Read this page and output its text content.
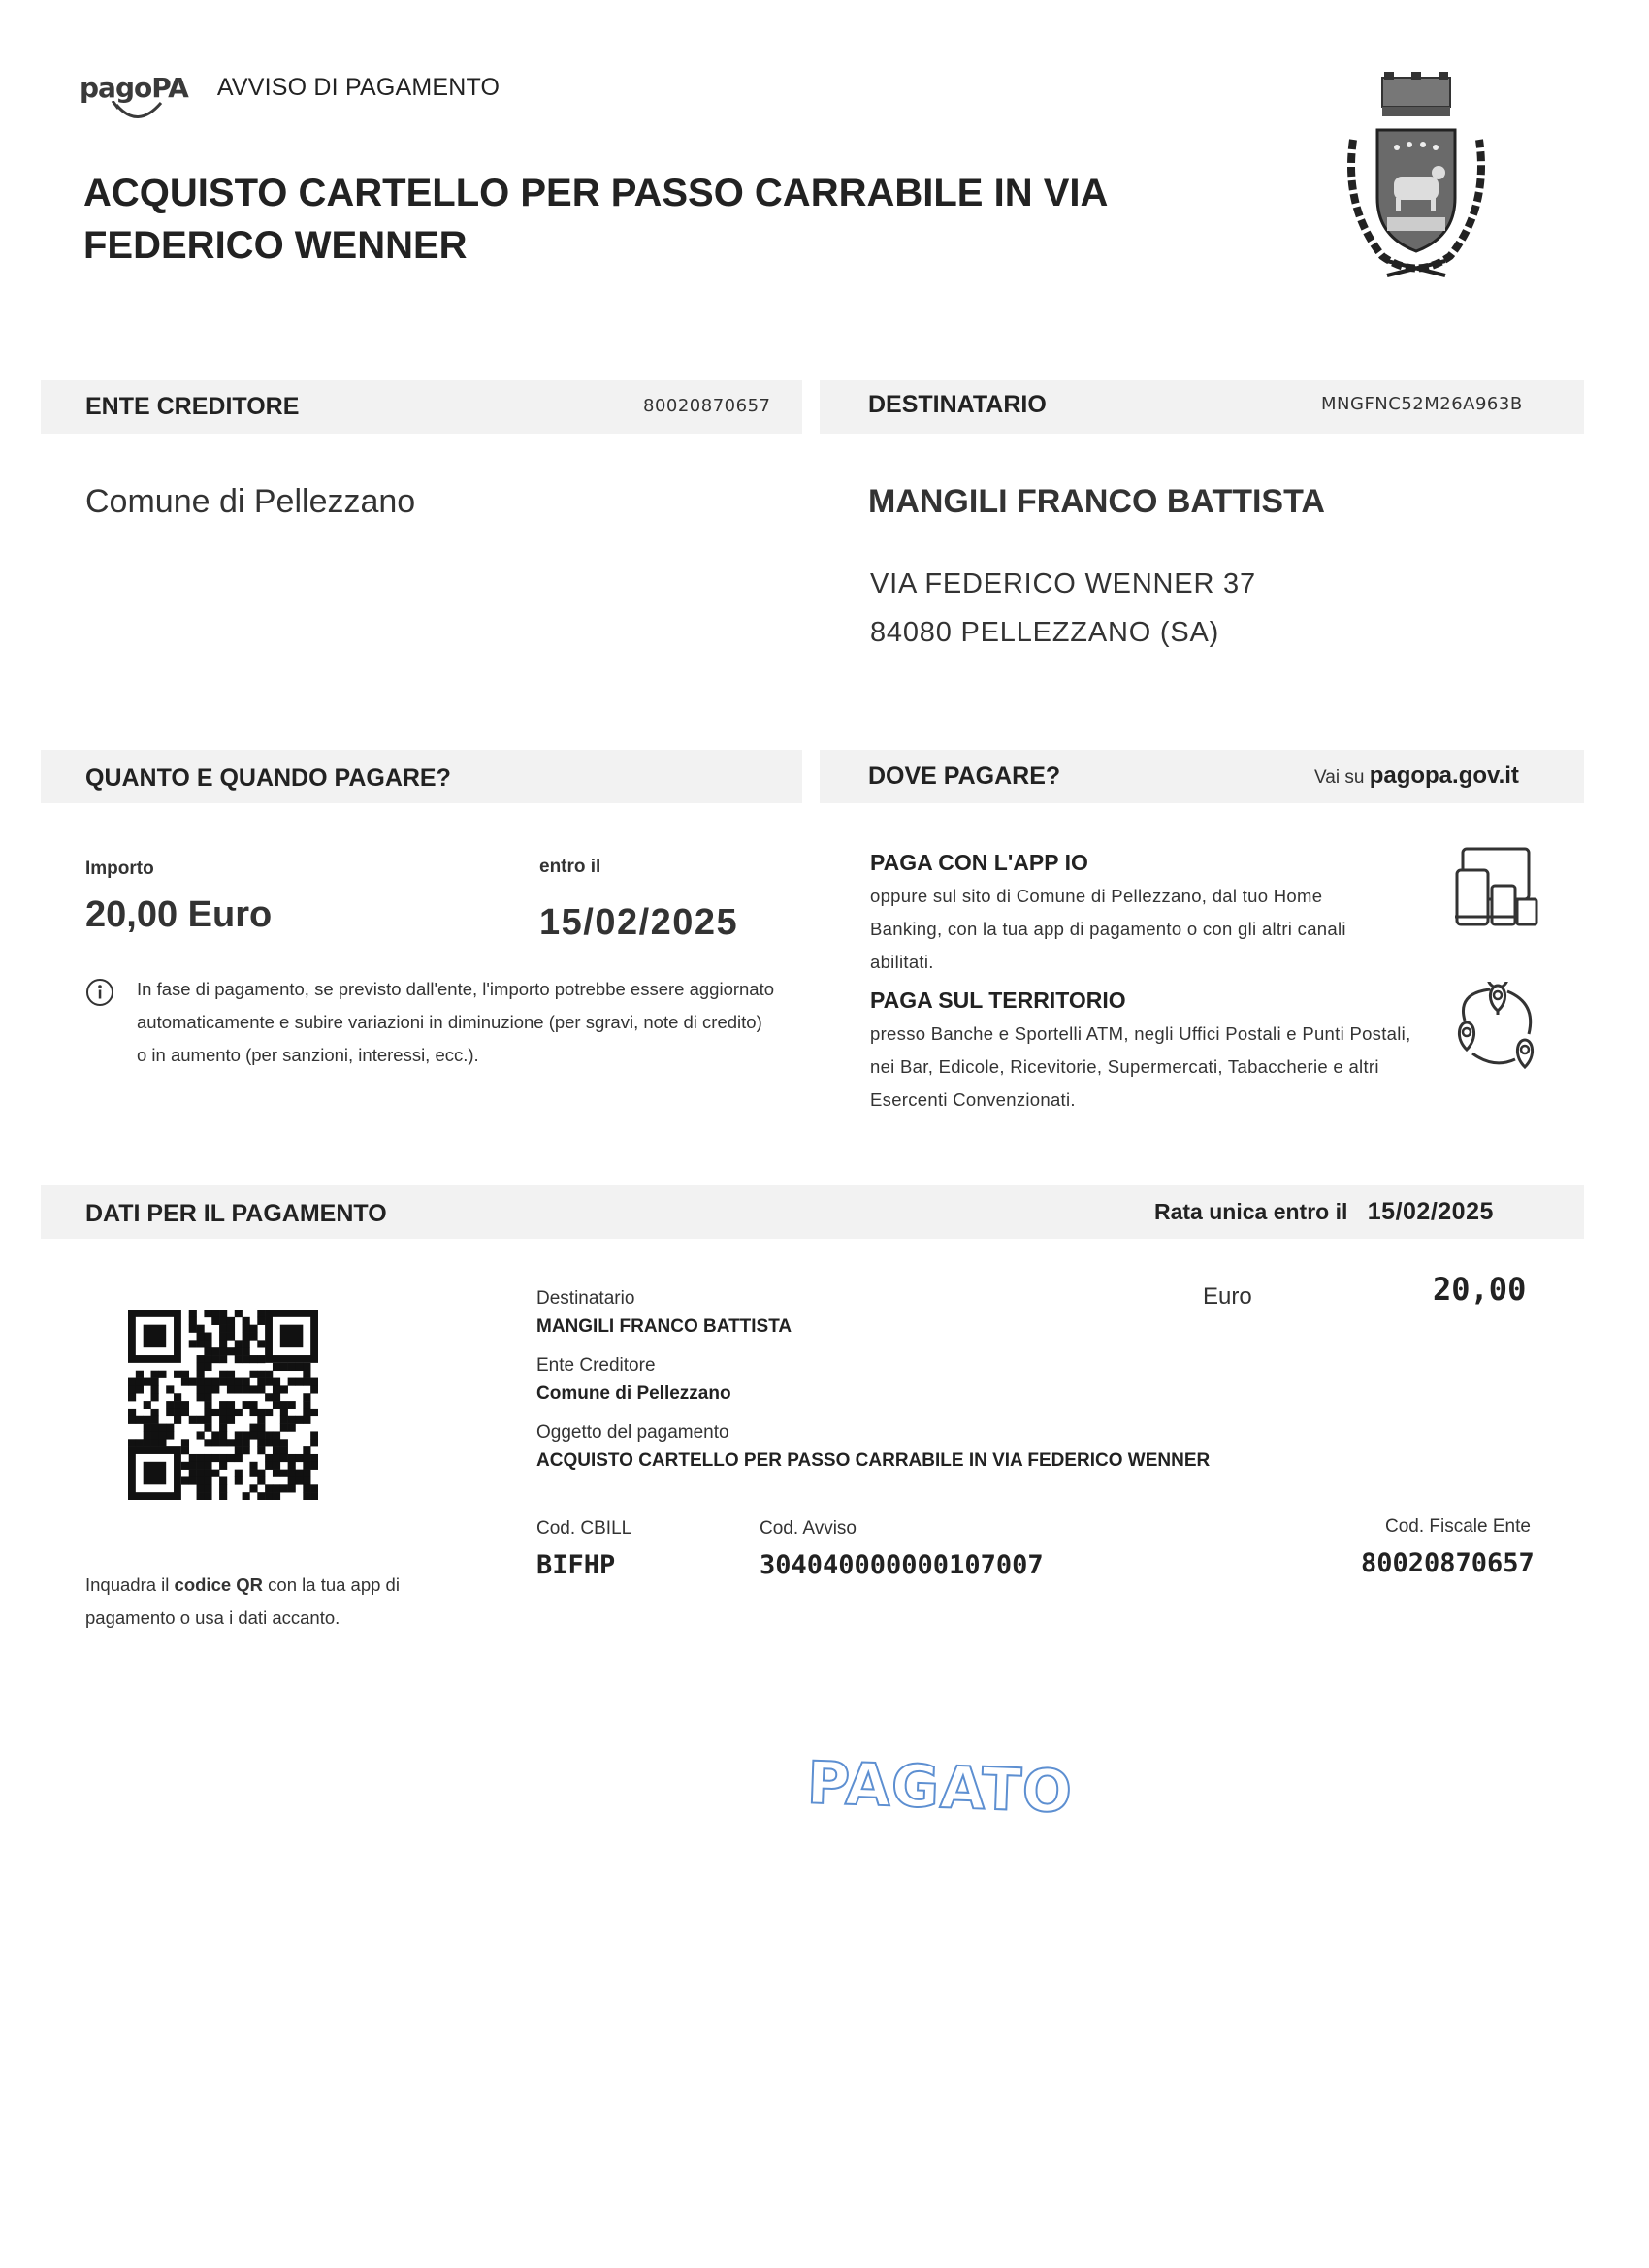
pagoPA AVVISO DI PAGAMENTO
ACQUISTO CARTELLO PER PASSO CARRABILE IN VIA FEDERICO WENNER
ENTE CREDITORE	80020870657	DESTINATARIO	MNGFNC52M26A963B
Comune di Pellezzano	MANGILI FRANCO BATTISTA
VIA FEDERICO WENNER 37
84080 PELLEZZANO (SA)
QUANTO E QUANDO PAGARE?	DOVE PAGARE?	Vai su pagopa.gov.it
Importo
20,00 Euro
entro il
15/02/2025
In fase di pagamento, se previsto dall'ente, l'importo potrebbe essere aggiornato automaticamente e subire variazioni in diminuzione (per sgravi, note di credito) o in aumento (per sanzioni, interessi, ecc.).
PAGA CON L'APP IO
oppure sul sito di Comune di Pellezzano, dal tuo Home Banking, con la tua app di pagamento o con gli altri canali abilitati.
PAGA SUL TERRITORIO
presso Banche e Sportelli ATM, negli Uffici Postali e Punti Postali, nei Bar, Edicole, Ricevitorie, Supermercati, Tabaccherie e altri Esercenti Convenzionati.
DATI PER IL PAGAMENTO	Rata unica entro il 15/02/2025
Inquadra il codice QR con la tua app di pagamento o usa i dati accanto.
Destinatario
MANGILI FRANCO BATTISTA
Ente Creditore
Comune di Pellezzano
Oggetto del pagamento
ACQUISTO CARTELLO PER PASSO CARRABILE IN VIA FEDERICO WENNER
Euro	20,00
Cod. CBILL
BIFHP
Cod. Avviso
304040000000107007
Cod. Fiscale Ente
80020870657
PAGATO
